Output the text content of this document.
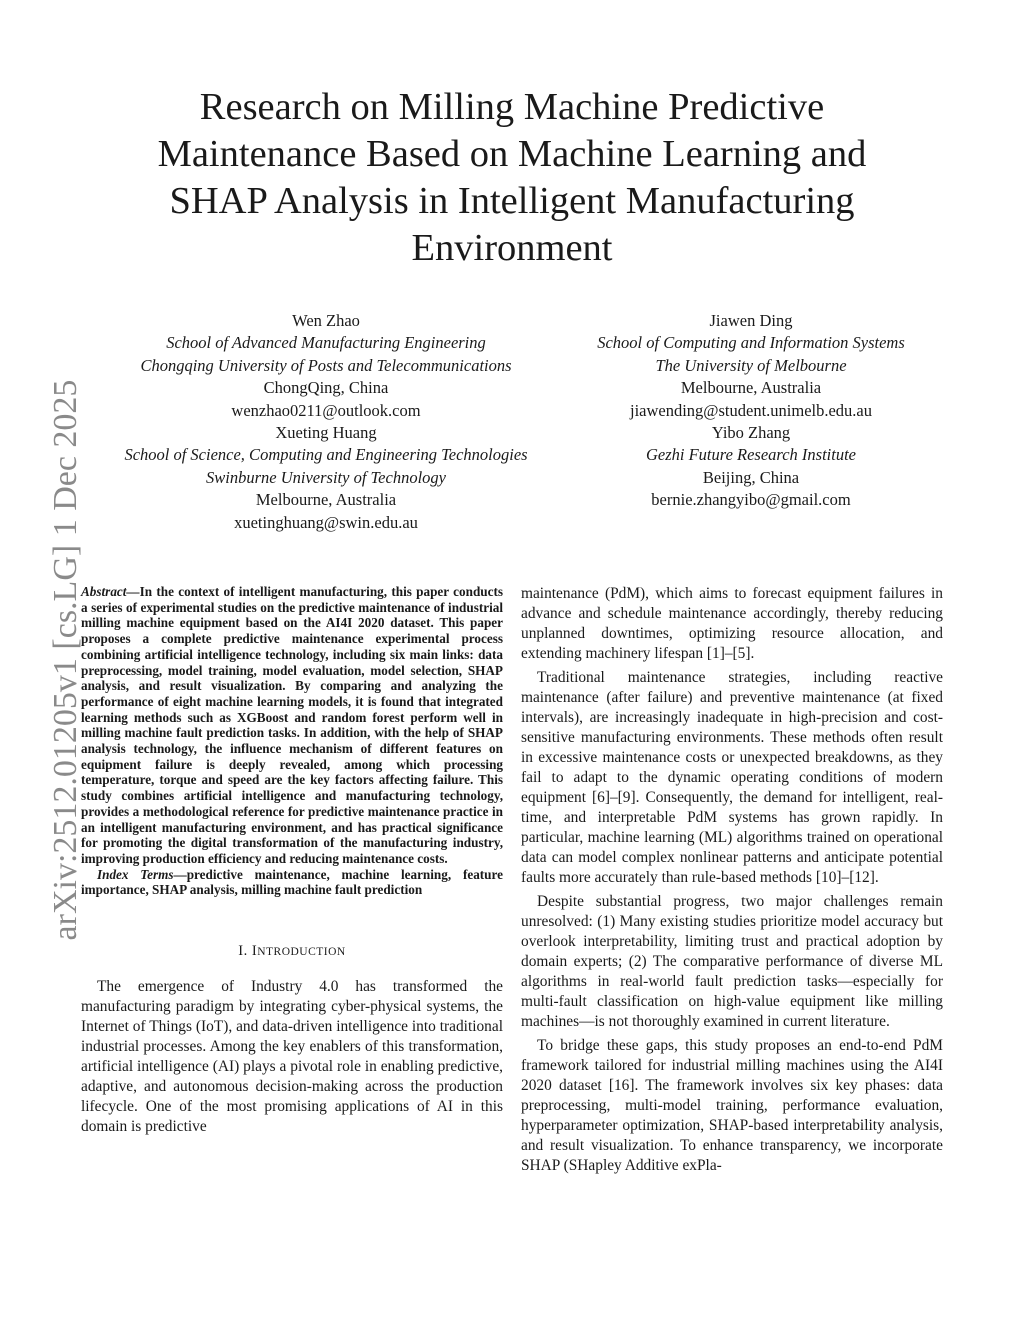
arXiv:2512.01205v1 [cs.LG] 1 Dec 2025
Research on Milling Machine Predictive Maintenance Based on Machine Learning and SHAP Analysis in Intelligent Manufacturing Environment
Wen Zhao
School of Advanced Manufacturing Engineering
Chongqing University of Posts and Telecommunications
ChongQing, China
wenzhao0211@outlook.com
Jiawen Ding
School of Computing and Information Systems
The University of Melbourne
Melbourne, Australia
jiawending@student.unimelb.edu.au
Xueting Huang
School of Science, Computing and Engineering Technologies
Swinburne University of Technology
Melbourne, Australia
xuetinghuang@swin.edu.au
Yibo Zhang
Gezhi Future Research Institute
Beijing, China
bernie.zhangyibo@gmail.com

Abstract—In the context of intelligent manufacturing, this paper conducts a series of experimental studies on the predictive maintenance of industrial milling machine equipment based on the AI4I 2020 dataset. This paper proposes a complete predictive maintenance experimental process combining artificial intelligence technology, including six main links: data preprocessing, model training, model evaluation, model selection, SHAP analysis, and result visualization. By comparing and analyzing the performance of eight machine learning models, it is found that integrated learning methods such as XGBoost and random forest perform well in milling machine fault prediction tasks. In addition, with the help of SHAP analysis technology, the influence mechanism of different features on equipment failure is deeply revealed, among which processing temperature, torque and speed are the key factors affecting failure. This study combines artificial intelligence and manufacturing technology, provides a methodological reference for predictive maintenance practice in an intelligent manufacturing environment, and has practical significance for promoting the digital transformation of the manufacturing industry, improving production efficiency and reducing maintenance costs.

Index Terms—predictive maintenance, machine learning, feature importance, SHAP analysis, milling machine fault prediction

I. INTRODUCTION

The emergence of Industry 4.0 has transformed the manufacturing paradigm by integrating cyber-physical systems, the Internet of Things (IoT), and data-driven intelligence into traditional industrial processes. Among the key enablers of this transformation, artificial intelligence (AI) plays a pivotal role in enabling predictive, adaptive, and autonomous decision-making across the production lifecycle. One of the most promising applications of AI in this domain is predictive

maintenance (PdM), which aims to forecast equipment failures in advance and schedule maintenance accordingly, thereby reducing unplanned downtimes, optimizing resource allocation, and extending machinery lifespan [1]–[5].

Traditional maintenance strategies, including reactive maintenance (after failure) and preventive maintenance (at fixed intervals), are increasingly inadequate in high-precision and cost-sensitive manufacturing environments. These methods often result in excessive maintenance costs or unexpected breakdowns, as they fail to adapt to the dynamic operating conditions of modern equipment [6]–[9]. Consequently, the demand for intelligent, real-time, and interpretable PdM systems has grown rapidly. In particular, machine learning (ML) algorithms trained on operational data can model complex nonlinear patterns and anticipate potential faults more accurately than rule-based methods [10]–[12].

Despite substantial progress, two major challenges remain unresolved: (1) Many existing studies prioritize model accuracy but overlook interpretability, limiting trust and practical adoption by domain experts; (2) The comparative performance of diverse ML algorithms in real-world fault prediction tasks—especially for multi-fault classification on high-value equipment like milling machines—is not thoroughly examined in current literature.

To bridge these gaps, this study proposes an end-to-end PdM framework tailored for industrial milling machines using the AI4I 2020 dataset [16]. The framework involves six key phases: data preprocessing, multi-model training, performance evaluation, hyperparameter optimization, SHAP-based interpretability analysis, and result visualization. To enhance transparency, we incorporate SHAP (SHapley Additive exPla-
